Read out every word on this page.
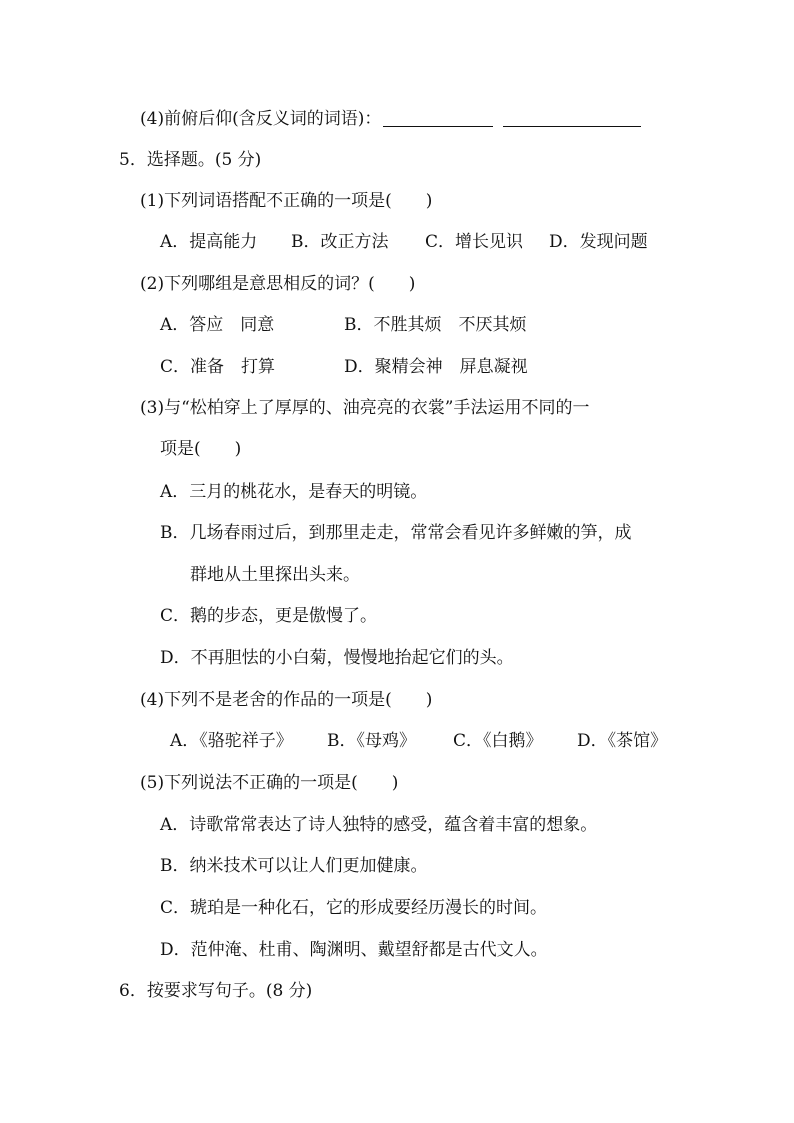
(4)前俯后仰(含反义词的词语)：
5．选择题。(5 分)
(1)下列词语搭配不正确的一项是(　　)
A．提高能力 B．改正方法 C．增长见识 D．发现问题
(2)下列哪组是意思相反的词？(　　)
A．答应　同意	B．不胜其烦　不厌其烦
C．准备　打算	D．聚精会神　屏息凝视
(3)与“松柏穿上了厚厚的、油亮亮的衣裳”手法运用不同的一
项是(　　)
A．三月的桃花水，是春天的明镜。
B．几场春雨过后，到那里走走，常常会看见许多鲜嫩的笋，成
群地从土里探出头来。
C．鹅的步态，更是傲慢了。
D．不再胆怯的小白菊，慢慢地抬起它们的头。
(4)下列不是老舍的作品的一项是(　　)
A．《骆驼祥子》 B．《母鸡》 C．《白鹅》 D．《茶馆》
(5)下列说法不正确的一项是(　　)
A．诗歌常常表达了诗人独特的感受，蕴含着丰富的想象。
B．纳米技术可以让人们更加健康。
C．琥珀是一种化石，它的形成要经历漫长的时间。
D．范仲淹、杜甫、陶渊明、戴望舒都是古代文人。
6．按要求写句子。(8 分)
